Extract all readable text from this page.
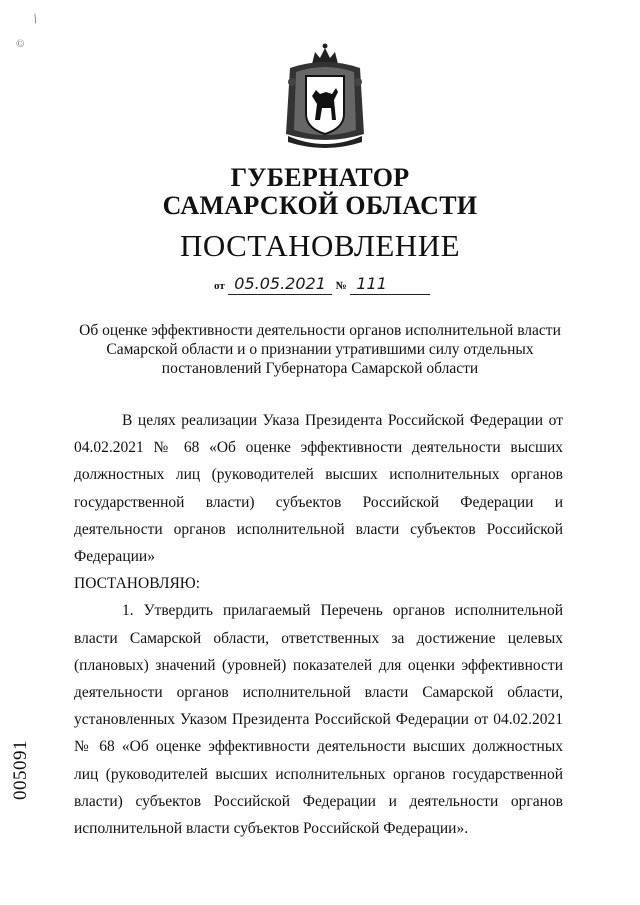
/
©
ГУБЕРНАТОР
САМАРСКОЙ ОБЛАСТИ
ПОСТАНОВЛЕНИЕ
от 05.05.2021 № 111
Об оценке эффективности деятельности органов исполнительной власти Самарской области и о признании утратившими силу отдельных постановлений Губернатора Самарской области

В целях реализации Указа Президента Российской Федерации от 04.02.2021 № 68 «Об оценке эффективности деятельности высших должностных лиц (руководителей высших исполнительных органов государственной власти) субъектов Российской Федерации и деятельности органов исполнительной власти субъектов Российской Федерации»

ПОСТАНОВЛЯЮ:

1. Утвердить прилагаемый Перечень органов исполнительной власти Самарской области, ответственных за достижение целевых (плановых) значений (уровней) показателей для оценки эффективности деятельности органов исполнительной власти Самарской области, установленных Указом Президента Российской Федерации от 04.02.2021 № 68 «Об оценке эффективности деятельности высших должностных лиц (руководителей высших исполнительных органов государственной власти) субъектов Российской Федерации и деятельности органов исполнительной власти субъектов Российской Федерации».

005091
